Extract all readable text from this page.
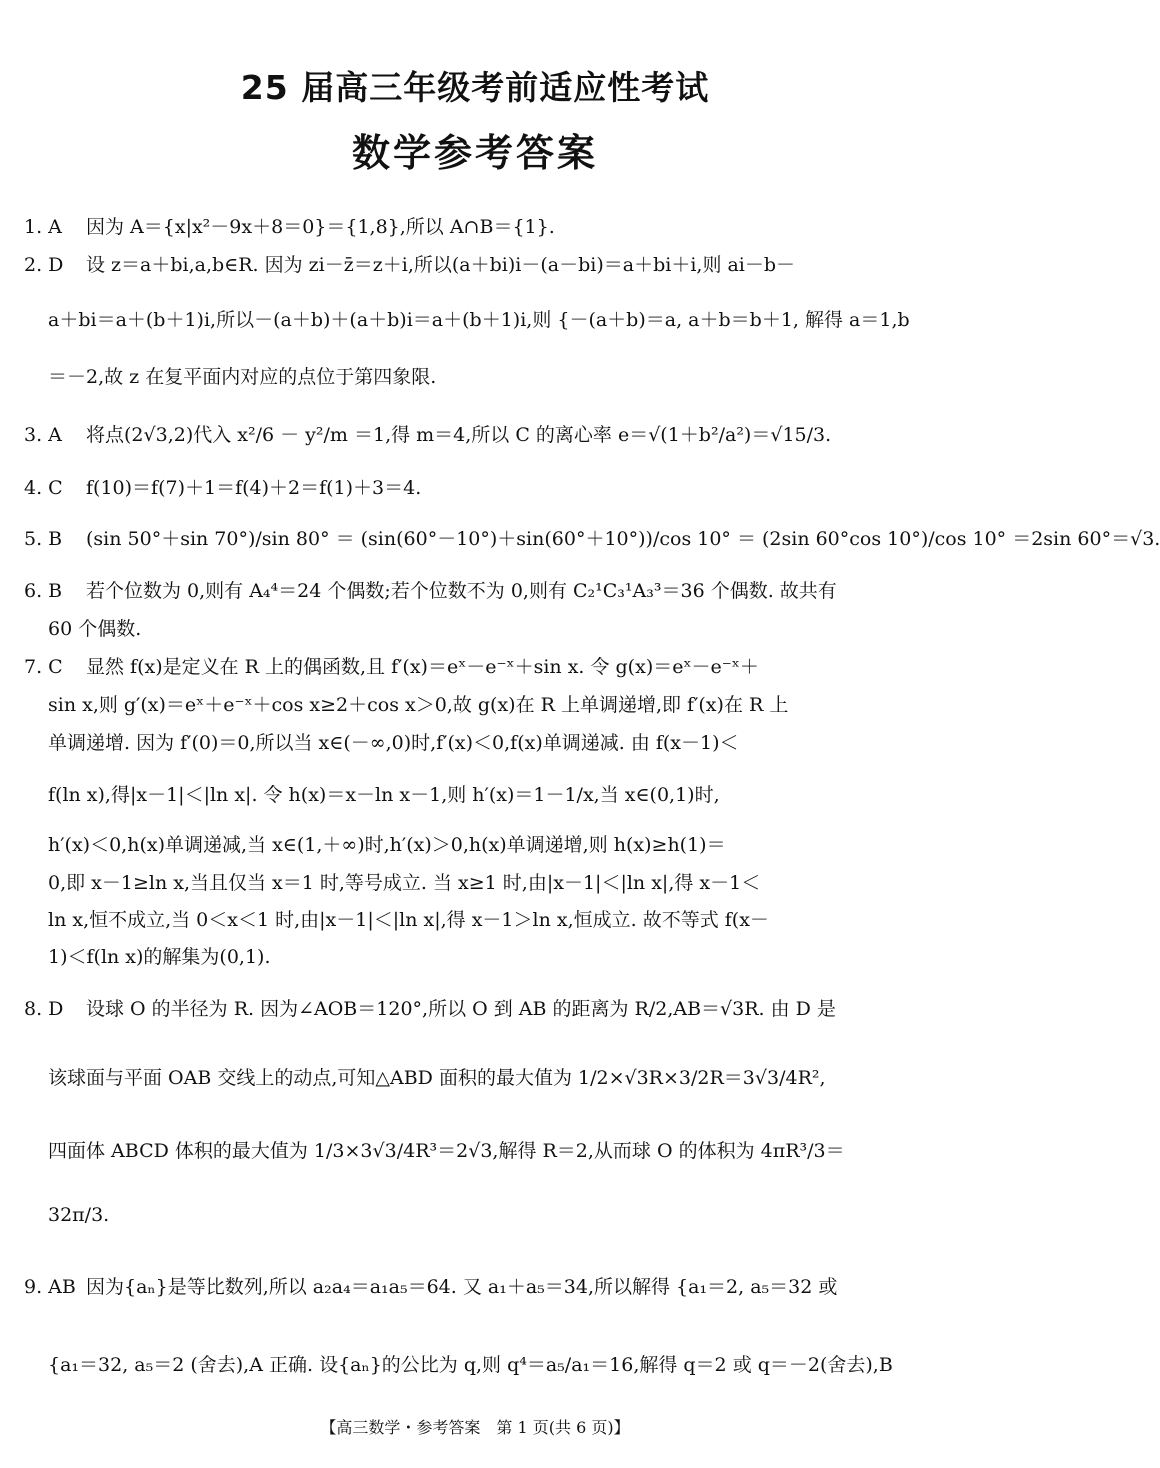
25 届高三年级考前适应性考试
数学参考答案
1. A 因为 A＝{x|x²－9x＋8＝0}＝{1,8},所以 A∩B＝{1}.
2. D 设 z＝a＋bi,a,b∈R. 因为 zi－z̄＝z＋i,所以(a＋bi)i－(a－bi)＝a＋bi＋i,则 ai－b－
a＋bi＝a＋(b＋1)i,所以－(a＋b)＋(a＋b)i＝a＋(b＋1)i,则 {－(a＋b)＝a, a＋b＝b＋1, 解得 a＝1,b
＝－2,故 z 在复平面内对应的点位于第四象限.
3. A 将点(2√3,2)代入 x²/6 － y²/m ＝1,得 m＝4,所以 C 的离心率 e＝√(1＋b²/a²)＝√15/3.
4. C f(10)＝f(7)＋1＝f(4)＋2＝f(1)＋3＝4.
5. B (sin 50°＋sin 70°)/sin 80° ＝ (sin(60°－10°)＋sin(60°＋10°))/cos 10° ＝ (2sin 60°cos 10°)/cos 10° ＝2sin 60°＝√3.
6. B 若个位数为 0,则有 A₄⁴＝24 个偶数;若个位数不为 0,则有 C₂¹C₃¹A₃³＝36 个偶数. 故共有
60 个偶数.
7. C 显然 f(x)是定义在 R 上的偶函数,且 f′(x)＝eˣ－e⁻ˣ＋sin x. 令 g(x)＝eˣ－e⁻ˣ＋
sin x,则 g′(x)＝eˣ＋e⁻ˣ＋cos x≥2＋cos x＞0,故 g(x)在 R 上单调递增,即 f′(x)在 R 上
单调递增. 因为 f′(0)＝0,所以当 x∈(－∞,0)时,f′(x)＜0,f(x)单调递减. 由 f(x－1)＜
f(ln x),得|x－1|＜|ln x|. 令 h(x)＝x－ln x－1,则 h′(x)＝1－1/x,当 x∈(0,1)时,
h′(x)＜0,h(x)单调递减,当 x∈(1,＋∞)时,h′(x)＞0,h(x)单调递增,则 h(x)≥h(1)＝
0,即 x－1≥ln x,当且仅当 x＝1 时,等号成立. 当 x≥1 时,由|x－1|＜|ln x|,得 x－1＜
ln x,恒不成立,当 0＜x＜1 时,由|x－1|＜|ln x|,得 x－1＞ln x,恒成立. 故不等式 f(x－
1)＜f(ln x)的解集为(0,1).
8. D 设球 O 的半径为 R. 因为∠AOB＝120°,所以 O 到 AB 的距离为 R/2,AB＝√3R. 由 D 是
该球面与平面 OAB 交线上的动点,可知△ABD 面积的最大值为 1/2×√3R×3/2R＝3√3/4R²,
四面体 ABCD 体积的最大值为 1/3×3√3/4R³＝2√3,解得 R＝2,从而球 O 的体积为 4πR³/3＝
32π/3.
9. AB 因为{aₙ}是等比数列,所以 a₂a₄＝a₁a₅＝64. 又 a₁＋a₅＝34,所以解得 {a₁＝2, a₅＝32 或
{a₁＝32, a₅＝2 (舍去),A 正确. 设{aₙ}的公比为 q,则 q⁴＝a₅/a₁＝16,解得 q＝2 或 q＝－2(舍去),B
【高三数学・参考答案　第 1 页(共 6 页)】
